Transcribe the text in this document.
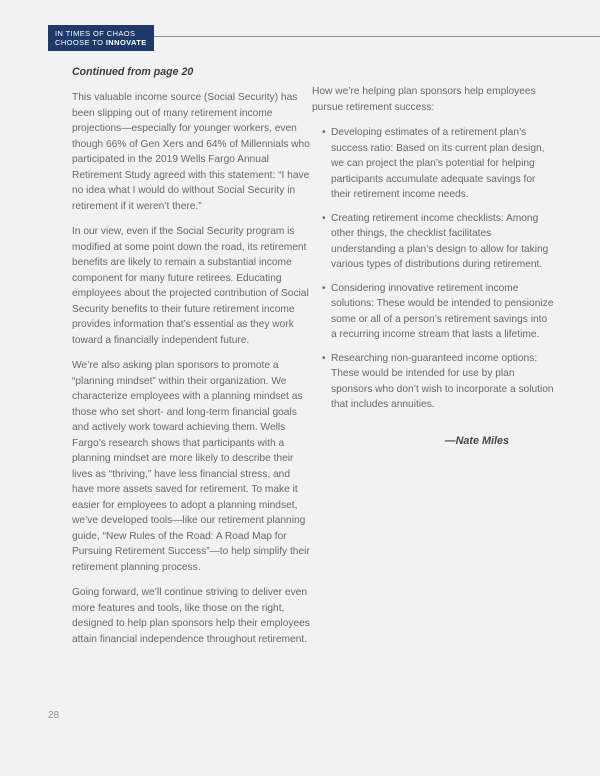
IN TIMES OF CHAOS
CHOOSE TO INNOVATE
Continued from page 20

This valuable income source (Social Security) has been slipping out of many retirement income projections—especially for younger workers, even though 66% of Gen Xers and 64% of Millennials who participated in the 2019 Wells Fargo Annual Retirement Study agreed with this statement: “I have no idea what I would do without Social Security in retirement if it weren’t there.”

In our view, even if the Social Security program is modified at some point down the road, its retirement benefits are likely to remain a substantial income component for many future retirees. Educating employees about the projected contribution of Social Security benefits to their future retirement income provides information that’s essential as they work toward a financially independent future.

We’re also asking plan sponsors to promote a “planning mindset” within their organization. We characterize employees with a planning mindset as those who set short- and long-term financial goals and actively work toward achieving them. Wells Fargo’s research shows that participants with a planning mindset are more likely to describe their lives as “thriving,” have less financial stress, and have more assets saved for retirement. To make it easier for employees to adopt a planning mindset, we’ve developed tools—like our retirement planning guide, “New Rules of the Road: A Road Map for Pursuing Retirement Success”—to help simplify their retirement planning process.

Going forward, we’ll continue striving to deliver even more features and tools, like those on the right, designed to help plan sponsors help their employees attain financial independence throughout retirement.

How we’re helping plan sponsors help employees pursue retirement success:

• Developing estimates of a retirement plan’s success ratio: Based on its current plan design, we can project the plan’s potential for helping participants accumulate adequate savings for their retirement income needs.
• Creating retirement income checklists: Among other things, the checklist facilitates understanding a plan’s design to allow for taking various types of distributions during retirement.
• Considering innovative retirement income solutions: These would be intended to pensionize some or all of a person’s retirement savings into a recurring income stream that lasts a lifetime.
• Researching non-guaranteed income options: These would be intended for use by plan sponsors who don’t wish to incorporate a solution that includes annuities.
—Nate Miles
28
